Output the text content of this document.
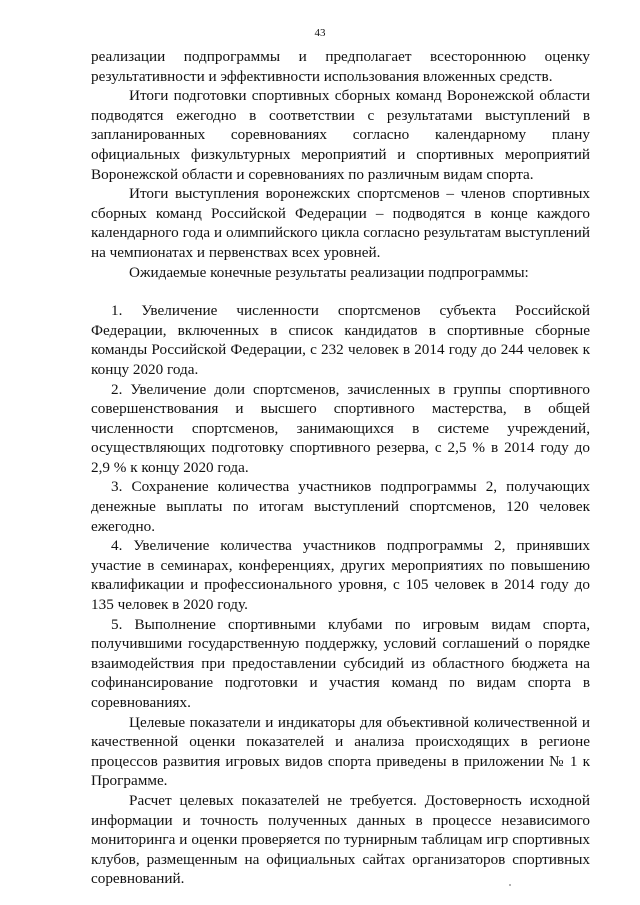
43

реализации подпрограммы и предполагает всестороннюю оценку результативности и эффективности использования вложенных средств.

Итоги подготовки спортивных сборных команд Воронежской области подводятся ежегодно в соответствии с результатами выступлений в запланированных соревнованиях согласно календарному плану официальных физкультурных мероприятий и спортивных мероприятий Воронежской области и соревнованиях по различным видам спорта.

Итоги выступления воронежских спортсменов – членов спортивных сборных команд Российской Федерации – подводятся в конце каждого календарного года и олимпийского цикла согласно результатам выступлений на чемпионатах и первенствах всех уровней.

Ожидаемые конечные результаты реализации подпрограммы:

1. Увеличение численности спортсменов субъекта Российской Федерации, включенных в список кандидатов в спортивные сборные команды Российской Федерации, с 232 человек в 2014 году до 244 человек к концу 2020 года.

2. Увеличение доли спортсменов, зачисленных в группы спортивного совершенствования и высшего спортивного мастерства, в общей численности спортсменов, занимающихся в системе учреждений, осуществляющих подготовку спортивного резерва, с 2,5 % в 2014 году до 2,9 % к концу 2020 года.

3. Сохранение количества участников подпрограммы 2, получающих денежные выплаты по итогам выступлений спортсменов, 120 человек ежегодно.

4. Увеличение количества участников подпрограммы 2, принявших участие в семинарах, конференциях, других мероприятиях по повышению квалификации и профессионального уровня, с 105 человек в 2014 году до 135 человек в 2020 году.

5. Выполнение спортивными клубами по игровым видам спорта, получившими государственную поддержку, условий соглашений о порядке взаимодействия при предоставлении субсидий из областного бюджета на софинансирование подготовки и участия команд по видам спорта в соревнованиях.

Целевые показатели и индикаторы для объективной количественной и качественной оценки показателей и анализа происходящих в регионе процессов развития игровых видов спорта приведены в приложении № 1 к Программе.

Расчет целевых показателей не требуется. Достоверность исходной информации и точность полученных данных в процессе независимого мониторинга и оценки проверяется по турнирным таблицам игр спортивных клубов, размещенным на официальных сайтах организаторов спортивных соревнований.
